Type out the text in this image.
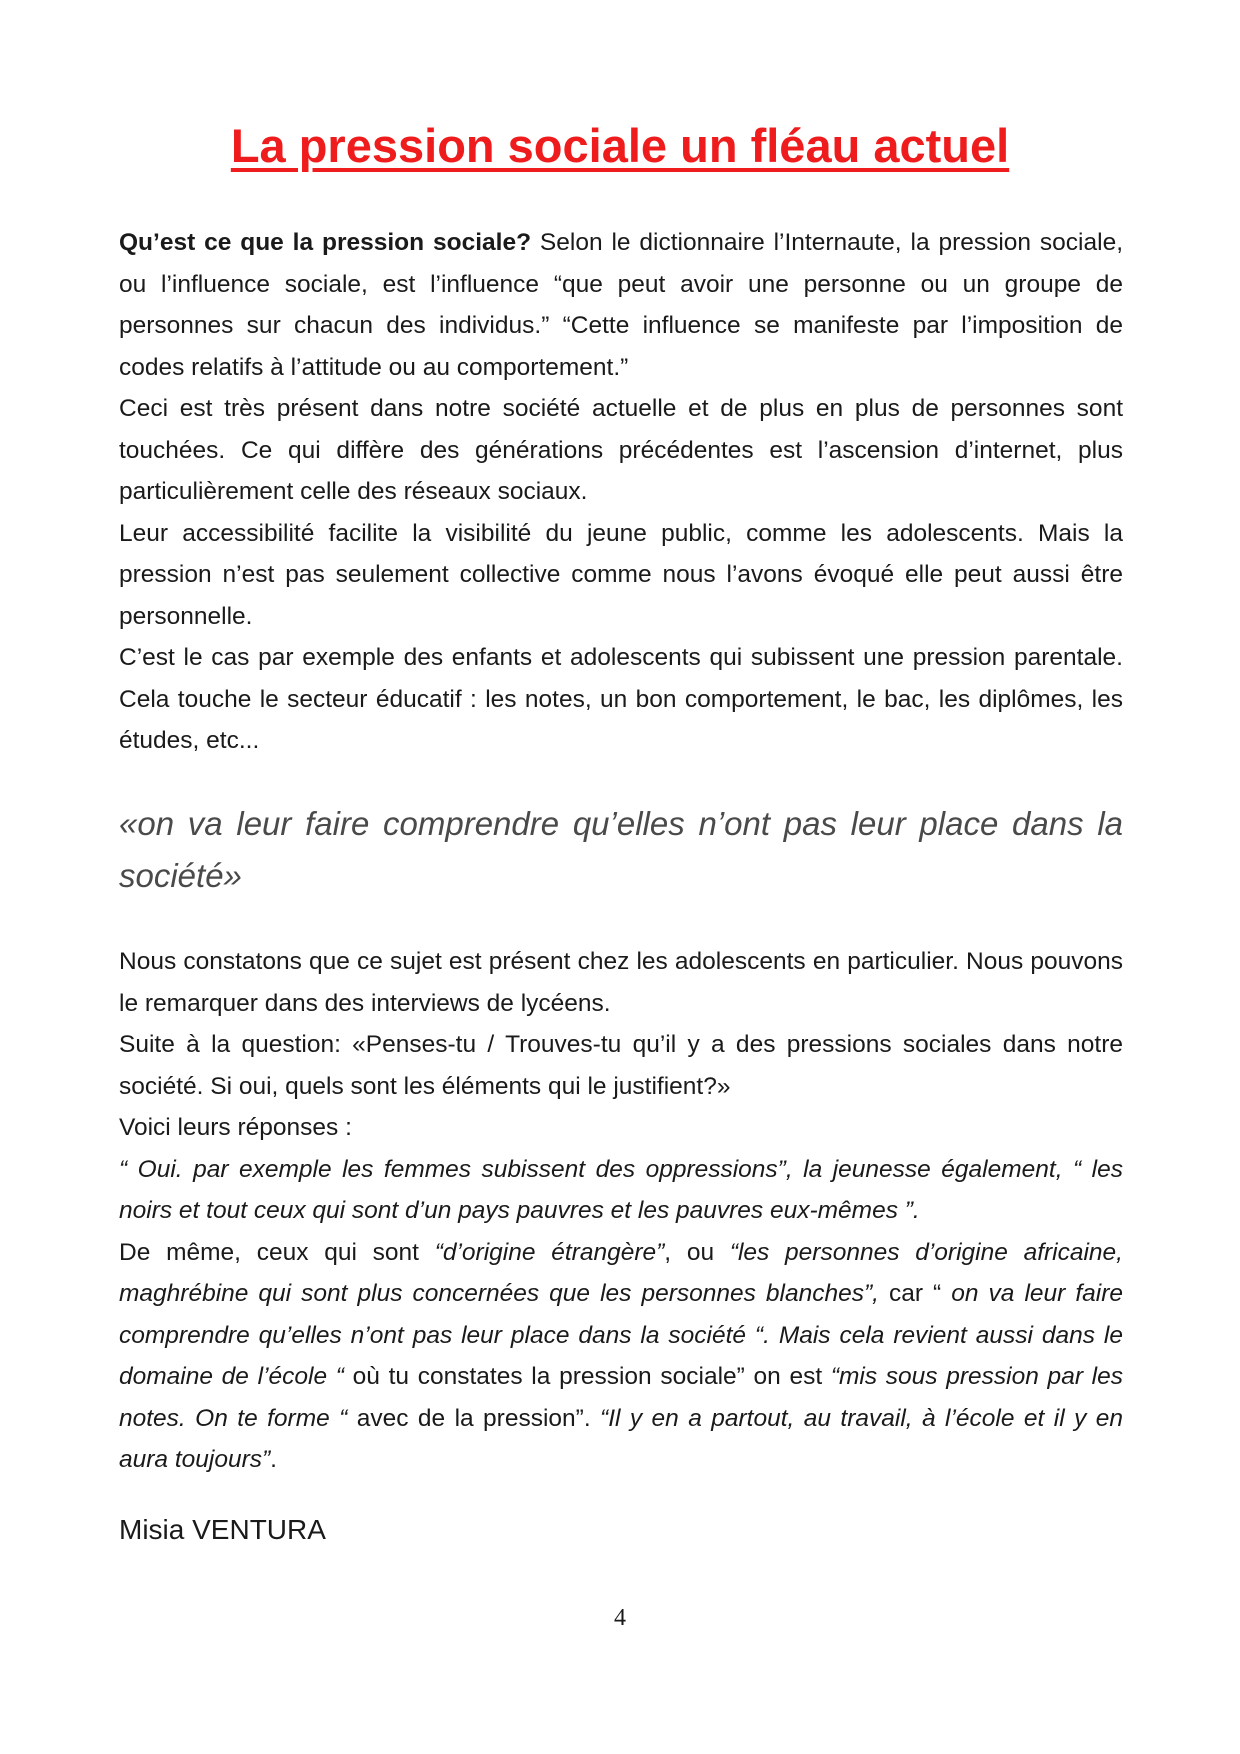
La pression sociale un fléau actuel

Qu’est ce que la pression sociale? Selon le dictionnaire l’Internaute, la pression sociale, ou l’influence sociale, est l’influence “que peut avoir une personne ou un groupe de personnes sur chacun des individus.” “Cette influence se manifeste par l’imposition de codes relatifs à l’attitude ou au comportement.”

Ceci est très présent dans notre société actuelle et de plus en plus de personnes sont touchées. Ce qui diffère des générations précédentes est l’ascension d’internet, plus particulièrement celle des réseaux sociaux.

Leur accessibilité facilite la visibilité du jeune public, comme les adolescents. Mais la pression n’est pas seulement collective comme nous l’avons évoqué elle peut aussi être personnelle.

C’est le cas par exemple des enfants et adolescents qui subissent une pression parentale. Cela touche le secteur éducatif : les notes, un bon comportement, le bac, les diplômes, les études, etc...

«on va leur faire comprendre qu’elles n’ont pas leur place dans la société»

Nous constatons que ce sujet est présent chez les adolescents en particulier. Nous pouvons le remarquer dans des interviews de lycéens.

Suite à la question: «Penses-tu / Trouves-tu qu’il y a des pressions sociales dans notre société. Si oui, quels sont les éléments qui le justifient?»

Voici leurs réponses :

“ Oui. par exemple les femmes subissent des oppressions”, la jeunesse également, “ les noirs et tout ceux qui sont d’un pays pauvres et les pauvres eux-mêmes ”.

De même, ceux qui sont “d’origine étrangère”, ou “les personnes d’origine africaine, maghrébine qui sont plus concernées que les personnes blanches”, car “ on va leur faire comprendre qu’elles n’ont pas leur place dans la société “. Mais cela revient aussi dans le domaine de l’école “ où tu constates la pression sociale” on est “mis sous pression par les notes. On te forme “ avec de la pression”. “Il y en a partout, au travail, à l’école et il y en aura toujours”.

Misia VENTURA

4
